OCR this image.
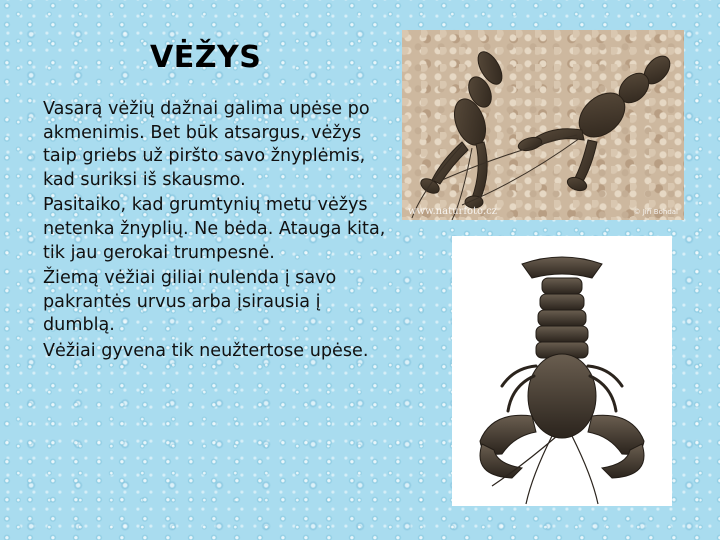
VĖŽYS

Vasarą vėžių dažnai galima upėse po akmenimis. Bet būk atsargus, vėžys taip griebs už piršto savo žnyplėmis, kad suriksi iš skausmo.

Pasitaiko, kad grumtynių metu vėžys netenka žnyplių. Ne bėda. Atauga kita, tik jau gerokai trumpesnė.

Žiemą vėžiai giliai nulenda į savo pakrantės urvus arba įsirausia į dumblą.

Vėžiai gyvena tik neužtertose upėse.

www.naturfoto.cz	© Jiří Bohdal
